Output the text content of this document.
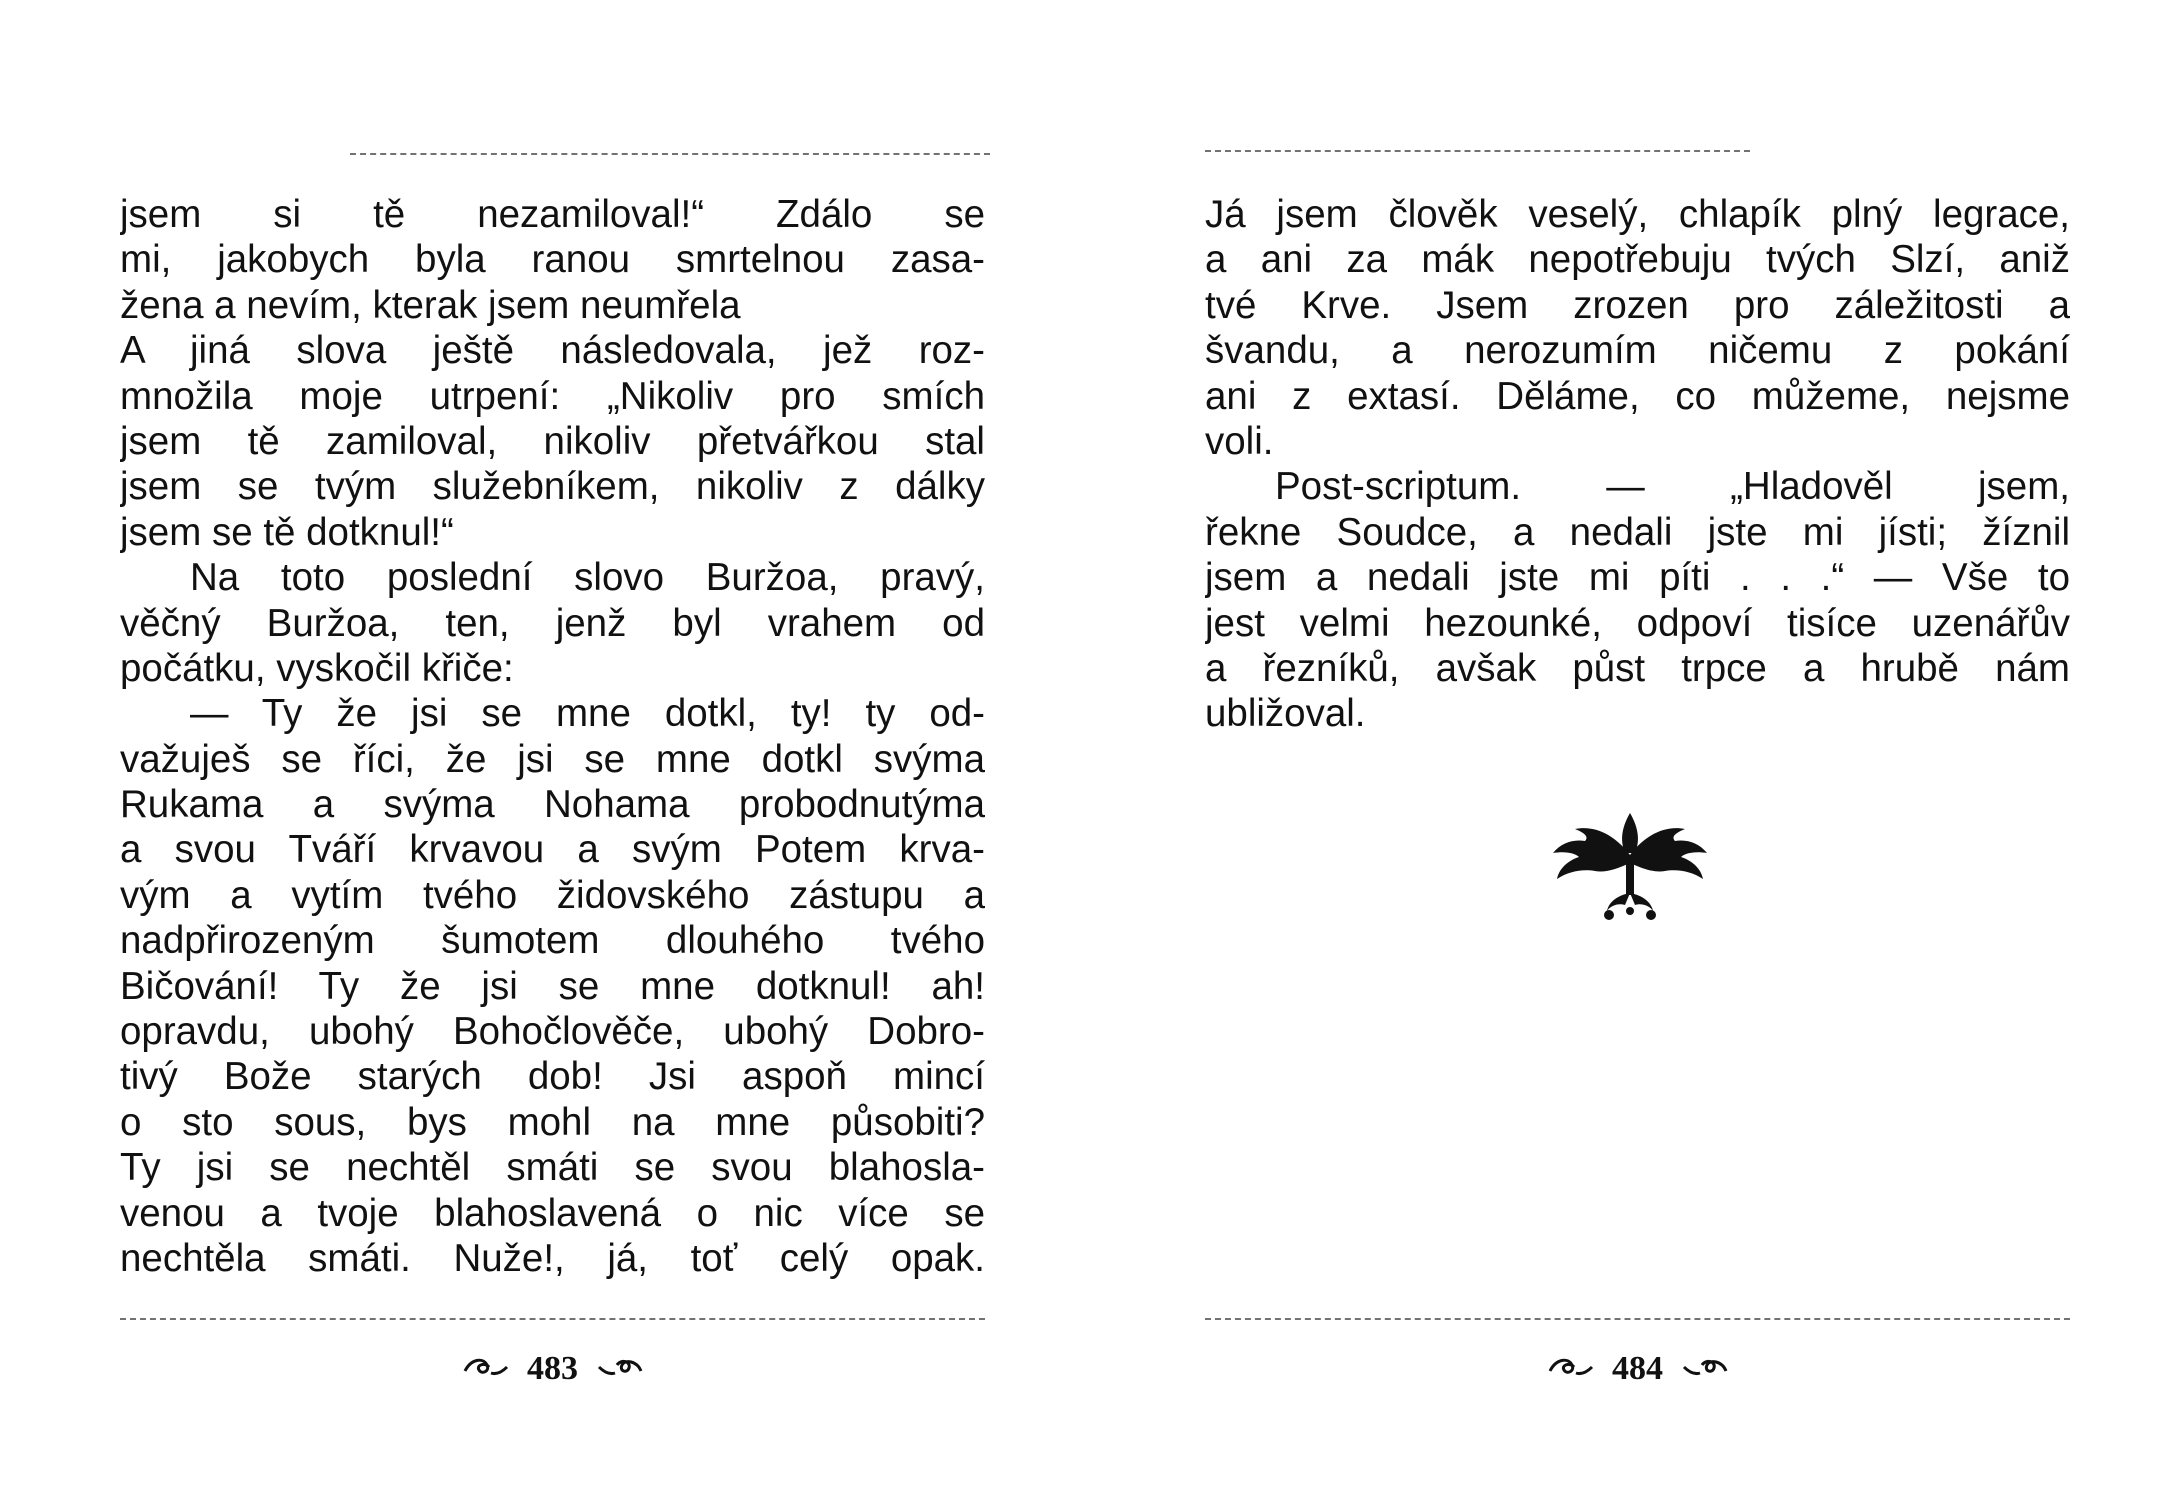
jsem si tě nezamiloval!“ Zdálo se
mi, jakobych byla ranou smrtelnou zasa-
žena a nevím, kterak jsem neumřela
A jiná slova ještě následovala, jež roz-
množila moje utrpení: „Nikoliv pro smích
jsem tě zamiloval, nikoliv přetvářkou stal
jsem se tvým služebníkem, nikoliv z dálky
jsem se tě dotknul!“
Na toto poslední slovo Buržoa, pravý,
věčný Buržoa, ten, jenž byl vrahem od
počátku, vyskočil křiče:
— Ty že jsi se mne dotkl, ty! ty od-
važuješ se říci, že jsi se mne dotkl svýma
Rukama a svýma Nohama probodnutýma
a svou Tváří krvavou a svým Potem krva-
vým a vytím tvého židovského zástupu a
nadpřirozeným šumotem dlouhého tvého
Bičování! Ty že jsi se mne dotknul! ah!
opravdu, ubohý Bohočlověče, ubohý Dobro-
tivý Bože starých dob! Jsi aspoň mincí
o sto sous, bys mohl na mne působiti?
Ty jsi se nechtěl smáti se svou blahosla-
venou a tvoje blahoslavená o nic více se
nechtěla smáti. Nuže!, já, toť celý opak.
483
Já jsem člověk veselý, chlapík plný legrace,
a ani za mák nepotřebuju tvých Slzí, aniž
tvé Krve. Jsem zrozen pro záležitosti a
švandu, a nerozumím ničemu z pokání
ani z extasí. Děláme, co můžeme, nejsme
voli.
Post-scriptum. — „Hladověl jsem,
řekne Soudce, a nedali jste mi jísti; žíznil
jsem a nedali jste mi píti . . .“ — Vše to
jest velmi hezounké, odpoví tisíce uzenářův
a řezníků, avšak půst trpce a hrubě nám
ubližoval.
484
